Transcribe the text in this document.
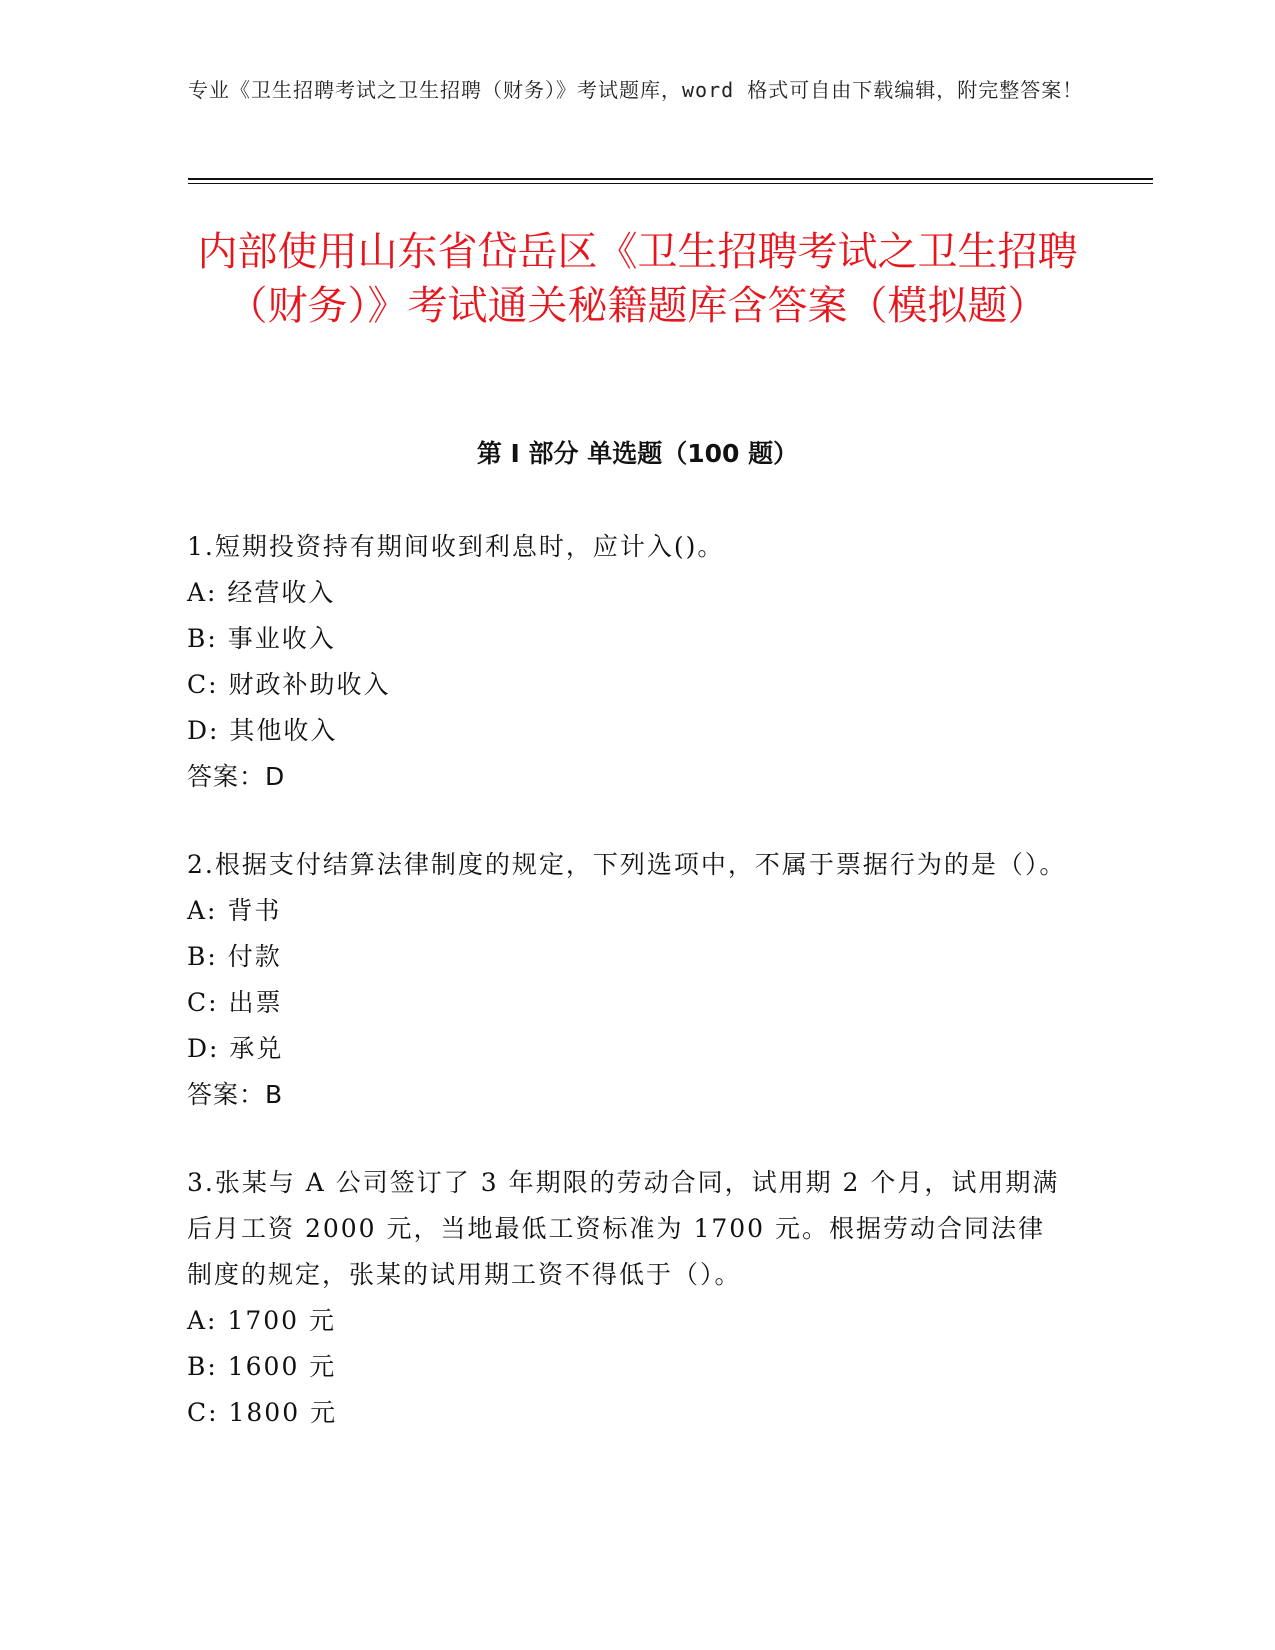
专业《卫生招聘考试之卫生招聘（财务）》考试题库，word 格式可自由下载编辑，附完整答案！
内部使用山东省岱岳区《卫生招聘考试之卫生招聘（财务）》考试通关秘籍题库含答案（模拟题）
第 I 部分 单选题（100 题）

1.短期投资持有期间收到利息时，应计入()。

A: 经营收入

B: 事业收入

C: 财政补助收入

D: 其他收入

答案：D

2.根据支付结算法律制度的规定，下列选项中，不属于票据行为的是（）。

A: 背书

B: 付款

C: 出票

D: 承兑

答案：B

3.张某与 A 公司签订了 3 年期限的劳动合同，试用期 2 个月，试用期满后月工资 2000 元，当地最低工资标准为 1700 元。根据劳动合同法律制度的规定，张某的试用期工资不得低于（）。

A: 1700 元

B: 1600 元

C: 1800 元
